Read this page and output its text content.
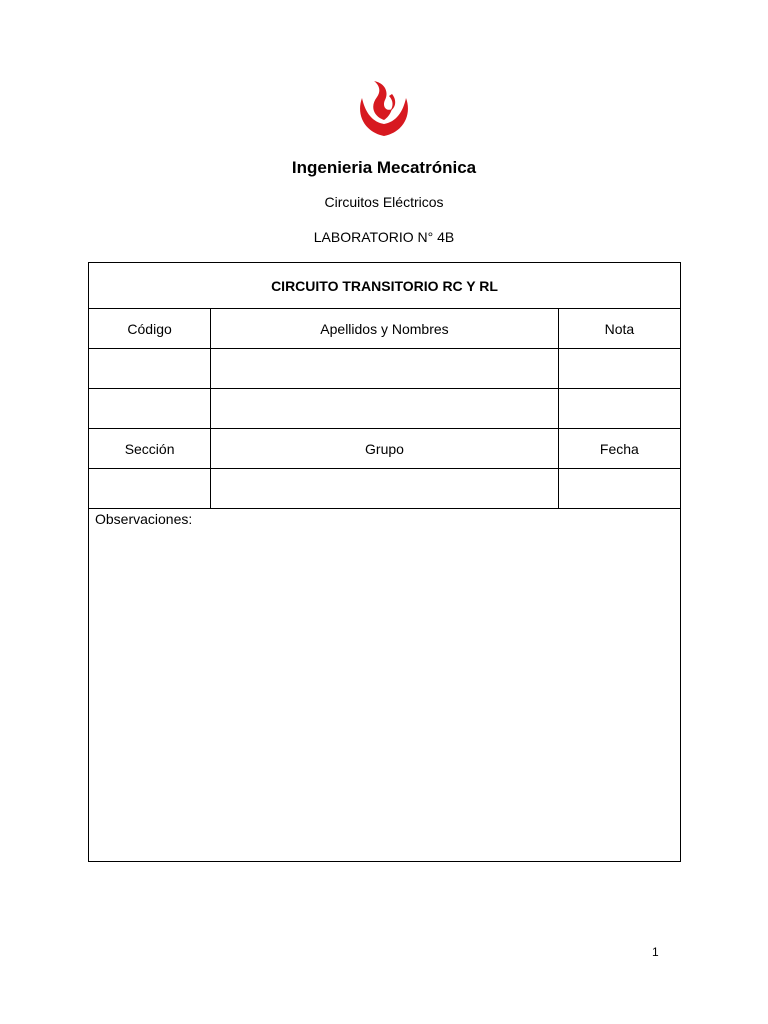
Ingenieria Mecatrónica
Circuitos Eléctricos
LABORATORIO N° 4B
CIRCUITO TRANSITORIO RC Y RL		
Código	Apellidos y Nombres	Nota

Sección	Grupo	Fecha

Observaciones:		
1
